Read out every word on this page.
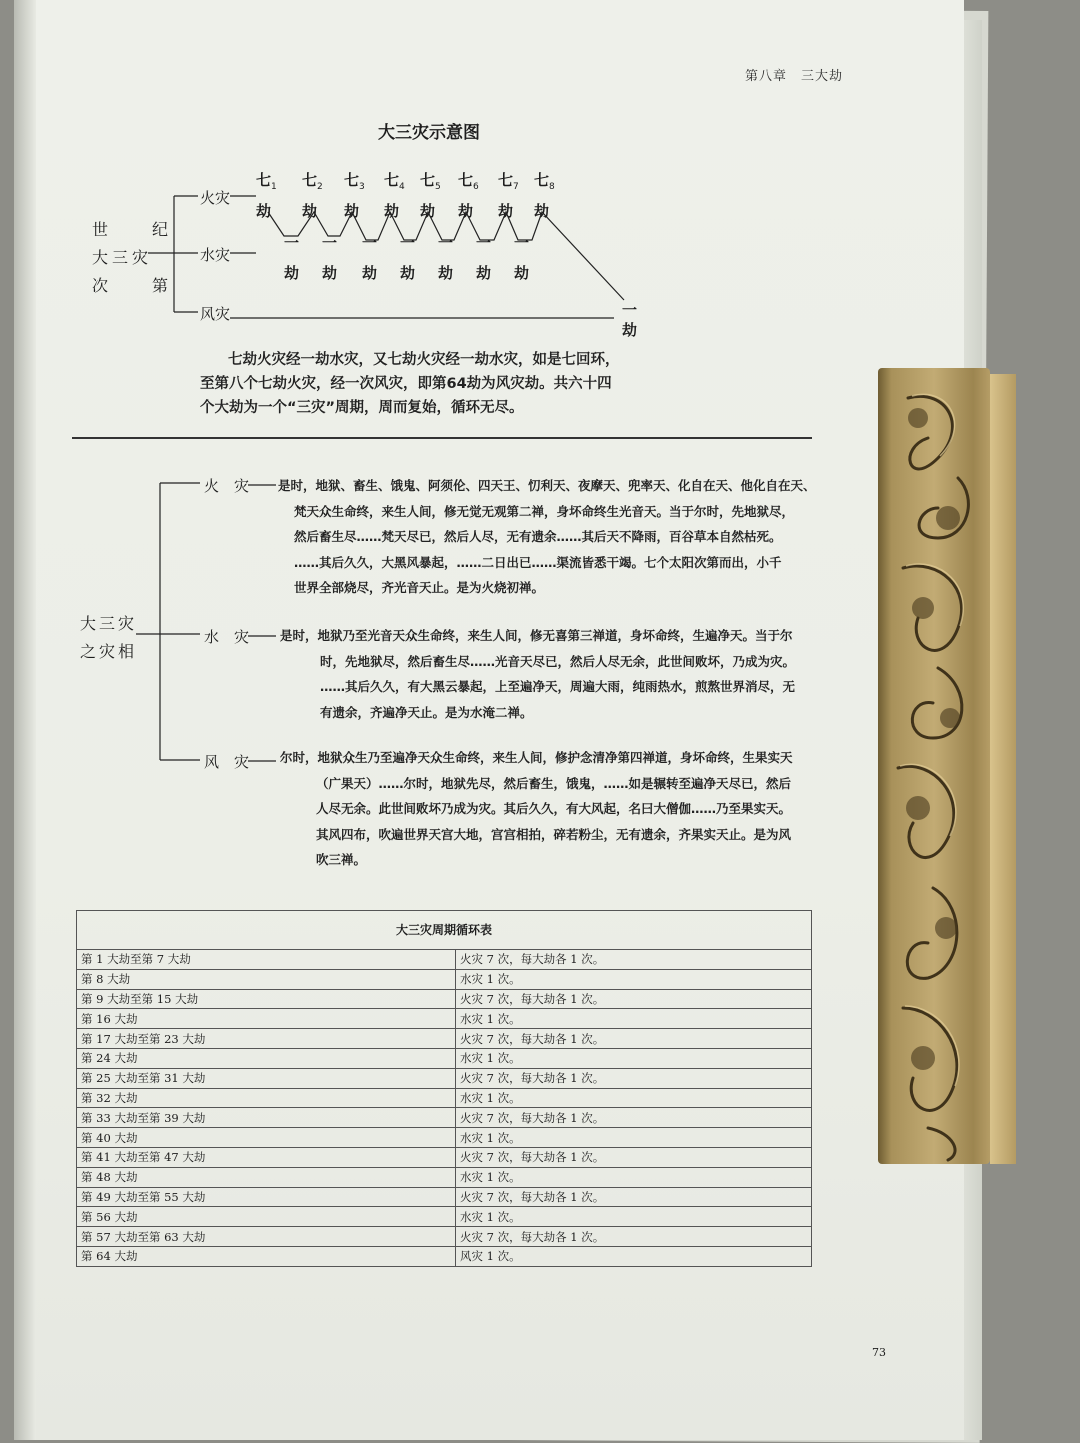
第八章　三大劫
大三灾示意图
世　纪
大三灾
次　第
火灾
水灾
风灾
七$_1$
劫
七$_2$
劫
七$_3$
劫
七$_4$
劫
七$_5$
劫
七$_6$
劫
七$_7$
劫
七$_8$
劫
一
劫
一
劫
一
劫
一
劫
一
劫
一
劫
一
劫
一
劫
七劫火灾经一劫水灾，又七劫火灾经一劫水灾，如是七回环，
至第八个七劫火灾，经一次风灾，即第64劫为风灾劫。共六十四
个大劫为一个“三灾”周期，周而复始，循环无尽。
大三灾
之灾相
火　灾
水　灾
风　灾
是时，地狱、畜生、饿鬼、阿须伦、四天王、忉利天、夜摩天、兜率天、化自在天、他化自在天、
梵天众生命终，来生人间，修无觉无观第二禅，身坏命终生光音天。当于尔时，先地狱尽，
然后畜生尽……梵天尽已，然后人尽，无有遗余……其后天不降雨，百谷草本自然枯死。
……其后久久，大黑风暴起，……二日出已……渠流皆悉干竭。七个太阳次第而出，小千
世界全部烧尽，齐光音天止。是为火烧初禅。
是时，地狱乃至光音天众生命终，来生人间，修无喜第三禅道，身坏命终，生遍净天。当于尔
时，先地狱尽，然后畜生尽……光音天尽已，然后人尽无余，此世间败坏，乃成为灾。
……其后久久，有大黑云暴起，上至遍净天，周遍大雨，纯雨热水，煎熬世界消尽，无
有遗余，齐遍净天止。是为水淹二禅。
尔时，地狱众生乃至遍净天众生命终，来生人间，修护念清净第四禅道，身坏命终，生果实天
（广果天）……尔时，地狱先尽，然后畜生，饿鬼，……如是辗转至遍净天尽已，然后
人尽无余。此世间败坏乃成为灾。其后久久，有大风起，名曰大僧伽……乃至果实天。
其风四布，吹遍世界天宫大地，宫宫相拍，碎若粉尘，无有遗余，齐果实天止。是为风
吹三禅。
大三灾周期循环表	
第 1 大劫至第 7 大劫	火灾 7 次，每大劫各 1 次。
第 8 大劫	水灾 1 次。
第 9 大劫至第 15 大劫	火灾 7 次，每大劫各 1 次。
第 16 大劫	水灾 1 次。
第 17 大劫至第 23 大劫	火灾 7 次，每大劫各 1 次。
第 24 大劫	水灾 1 次。
第 25 大劫至第 31 大劫	火灾 7 次，每大劫各 1 次。
第 32 大劫	水灾 1 次。
第 33 大劫至第 39 大劫	火灾 7 次，每大劫各 1 次。
第 40 大劫	水灾 1 次。
第 41 大劫至第 47 大劫	火灾 7 次，每大劫各 1 次。
第 48 大劫	水灾 1 次。
第 49 大劫至第 55 大劫	火灾 7 次，每大劫各 1 次。
第 56 大劫	水灾 1 次。
第 57 大劫至第 63 大劫	火灾 7 次，每大劫各 1 次。
第 64 大劫	风灾 1 次。
73
